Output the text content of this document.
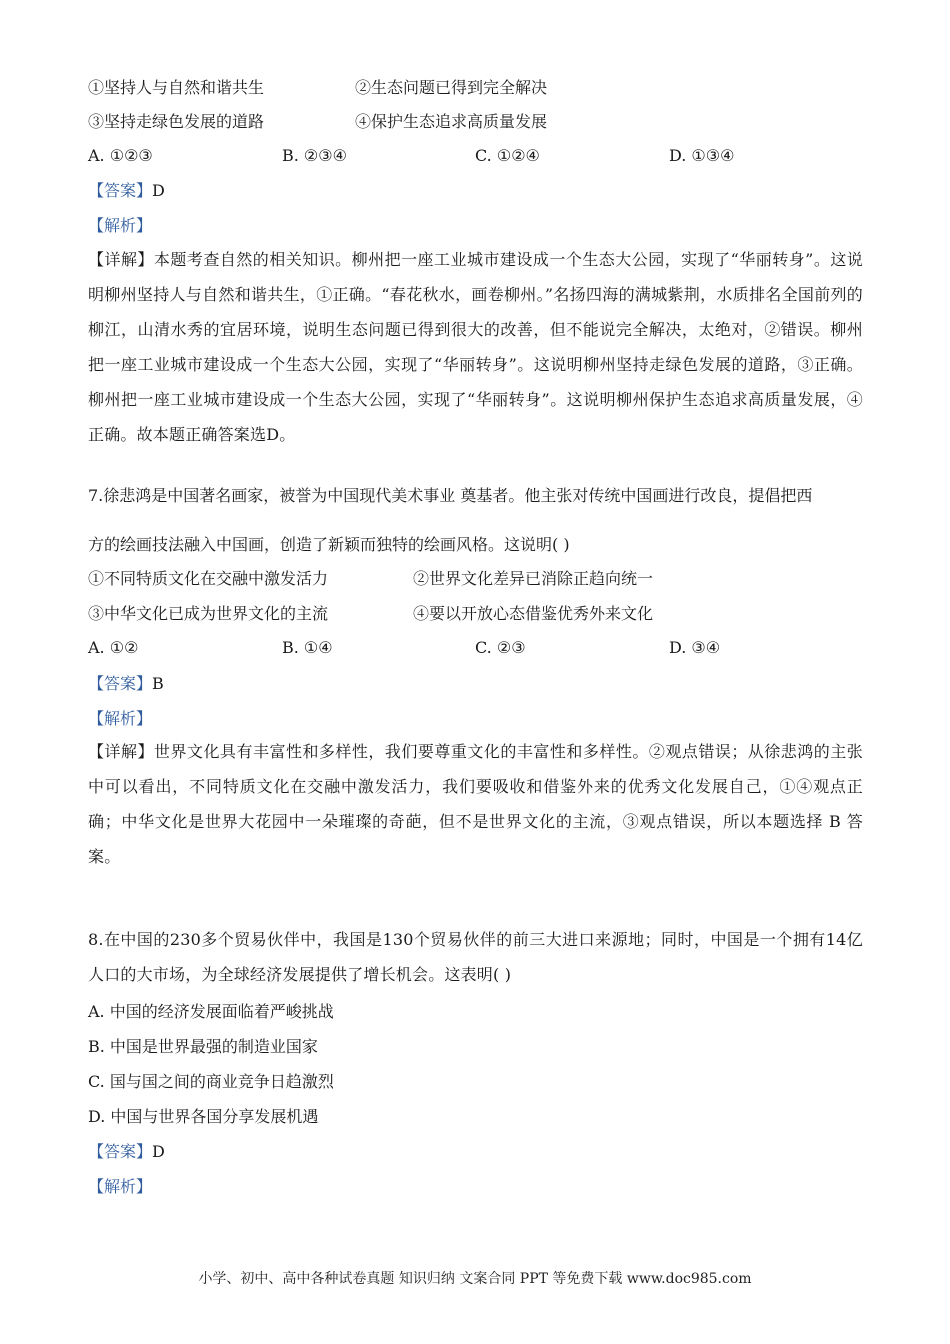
①坚持人与自然和谐共生	②生态问题已得到完全解决
③坚持走绿色发展的道路	④保护生态追求高质量发展
A. ①②③	B. ②③④	C. ①②④	D. ①③④
【答案】D
【解析】
【详解】本题考查自然的相关知识。柳州把一座工业城市建设成一个生态大公园，实现了“华丽转身”。这说明柳州坚持人与自然和谐共生，①正确。“春花秋水，画卷柳州。”名扬四海的满城紫荆，水质排名全国前列的柳江，山清水秀的宜居环境，说明生态问题已得到很大的改善，但不能说完全解决，太绝对，②错误。柳州把一座工业城市建设成一个生态大公园，实现了“华丽转身”。这说明柳州坚持走绿色发展的道路，③正确。柳州把一座工业城市建设成一个生态大公园，实现了“华丽转身”。这说明柳州保护生态追求高质量发展，④正确。故本题正确答案选D。
7.徐悲鸿是中国著名画家，被誉为中国现代美术事业 奠基者。他主张对传统中国画进行改良，提倡把西
方的绘画技法融入中国画，创造了新颖而独特的绘画风格。这说明( )
①不同特质文化在交融中激发活力	②世界文化差异已消除正趋向统一
③中华文化已成为世界文化的主流	④要以开放心态借鉴优秀外来文化
A. ①②	B. ①④	C. ②③	D. ③④
【答案】B
【解析】
【详解】世界文化具有丰富性和多样性，我们要尊重文化的丰富性和多样性。②观点错误；从徐悲鸿的主张中可以看出，不同特质文化在交融中激发活力，我们要吸收和借鉴外来的优秀文化发展自己，①④观点正确；中华文化是世界大花园中一朵璀璨的奇葩，但不是世界文化的主流，③观点错误，所以本题选择 B 答案。
8.在中国的230多个贸易伙伴中，我国是130个贸易伙伴的前三大进口来源地；同时，中国是一个拥有14亿人口的大市场，为全球经济发展提供了增长机会。这表明( )
A. 中国的经济发展面临着严峻挑战
B. 中国是世界最强的制造业国家
C. 国与国之间的商业竞争日趋激烈
D. 中国与世界各国分享发展机遇
【答案】D
【解析】
小学、初中、高中各种试卷真题 知识归纳 文案合同 PPT 等免费下载 www.doc985.com
